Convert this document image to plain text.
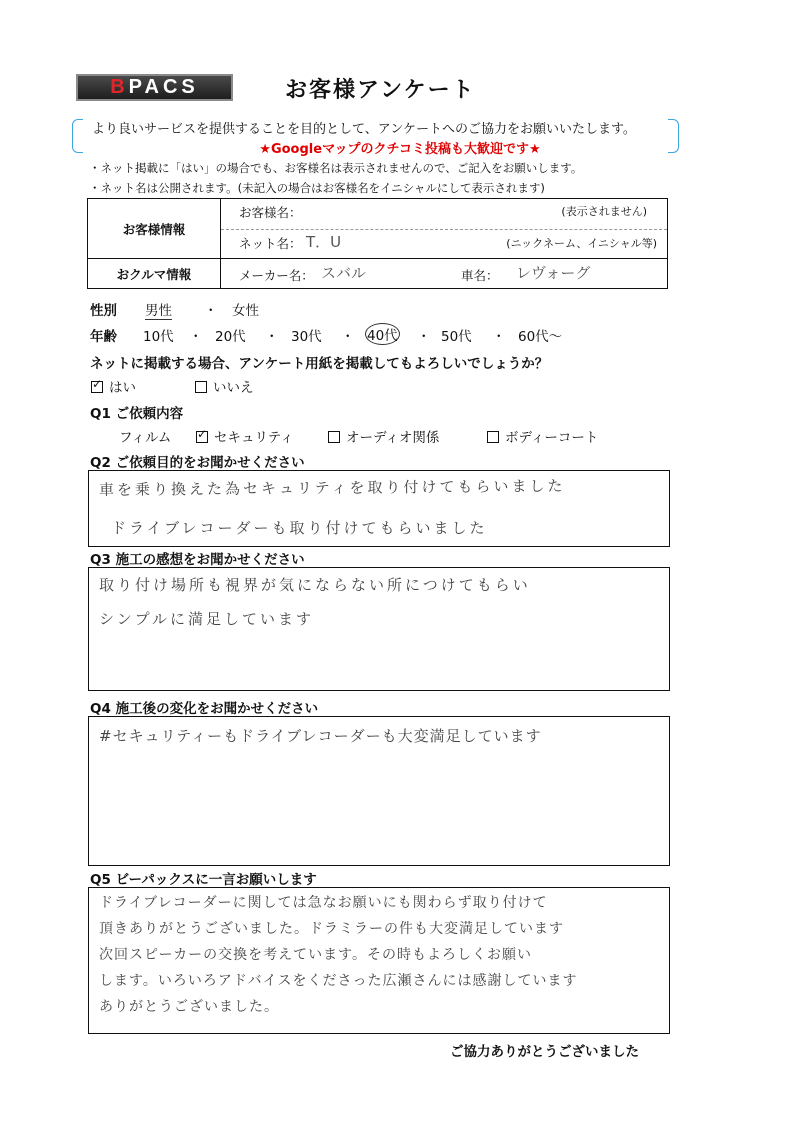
BPACS	お客様アンケート
より良いサービスを提供することを目的として、アンケートへのご協力をお願いいたします。
★Googleマップのクチコミ投稿も大歓迎です★
・ネット掲載に「はい」の場合でも、お客様名は表示されませんので、ご記入をお願いします。
・ネット名は公開されます。(未記入の場合はお客様名をイニシャルにして表示されます)
お客様情報	お客様名： (表示されません)
ネット名： T．U (ニックネーム、イニシャル等)

おクルマ情報	メーカー名： スバル 車名： レヴォーグ
性別 男性 ・ 女性
年齢 10代 ・ 20代 ・ 30代 ・ 40代 ・ 50代 ・ 60代～
ネットに掲載する場合、アンケート用紙を掲載してもよろしいでしょうか？
✓ はい	いいえ
Q1 ご依頼内容
フィルム ✓ セキュリティ	オーディオ関係	ボディーコート
Q2 ご依頼目的をお聞かせください
車を乗り換えた為セキュリティを取り付けてもらいました
ドライブレコーダーも取り付けてもらいました
Q3 施工の感想をお聞かせください
取り付け場所も視界が気にならない所につけてもらい
シンプルに満足しています
Q4 施工後の変化をお聞かせください
#セキュリティーもドライブレコーダーも大変満足しています
Q5 ビーパックスに一言お願いします
ドライブレコーダーに関しては急なお願いにも関わらず取り付けて
頂きありがとうございました。ドラミラーの件も大変満足しています
次回スピーカーの交換を考えています。その時もよろしくお願い
します。いろいろアドバイスをくださった広瀬さんには感謝しています
ありがとうございました。
ご協力ありがとうございました
